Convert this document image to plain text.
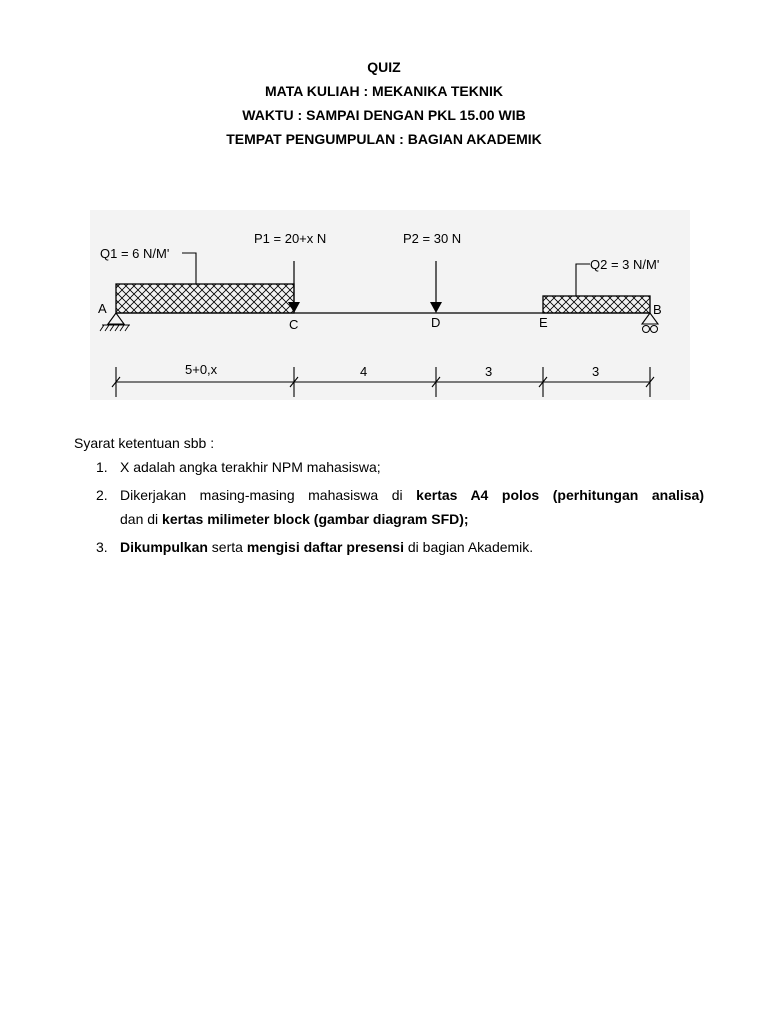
QUIZ
MATA KULIAH : MEKANIKA TEKNIK
WAKTU : SAMPAI DENGAN PKL 15.00 WIB
TEMPAT PENGUMPULAN : BAGIAN AKADEMIK
Q1 = 6 N/M'
Q2 = 3 N/M'
P1 = 20+x N	P2 = 30 N
A	B
C	D	E
5+0,x	4	3	3
Syarat ketentuan sbb :
1. X adalah angka terakhir NPM mahasiswa;
2. Dikerjakan masing-masing mahasiswa di kertas A4 polos (perhitungan analisa)
dan di kertas milimeter block (gambar diagram SFD);
3. Dikumpulkan serta mengisi daftar presensi di bagian Akademik.
